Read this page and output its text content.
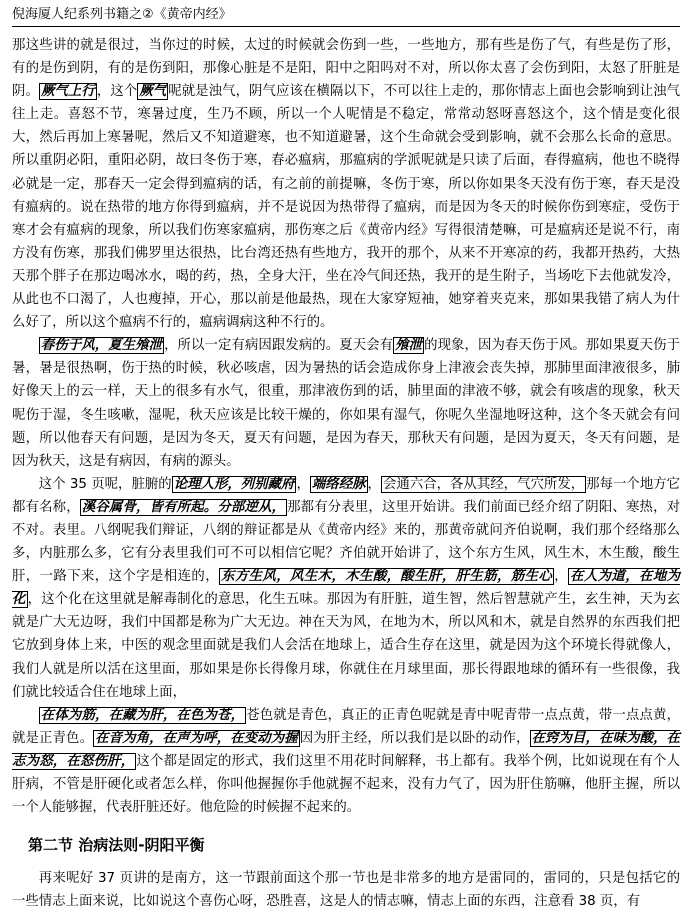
倪海厦人纪系列书籍之②《黄帝内经》

那这些讲的就是很过，当你过的时候，太过的时候就会伤到一些，一些地方，那有些是伤了气，有些是伤了形，有的是伤到阴，有的是伤到阳，那像心脏是不是阳，阳中之阳吗对不对，所以你太喜了会伤到阳，太怒了肝脏是阴。 厥气上行 ，这个 厥气 呢就是浊气，阴气应该在横隔以下，不可以往上走的，那你情志上面也会影响到让浊气往上走。喜怒不节，寒暑过度，生乃不顾，所以一个人呢情是不稳定，常常动怒呀喜怒这个，这个情是变化很大，然后再加上寒暑呢，然后又不知道避寒，也不知道避暑，这个生命就会受到影响，就不会那么长命的意思。所以重阴必阳，重阳必阴，故曰冬伤于寒，春必瘟病，那瘟病的学派呢就是只读了后面，春得瘟病，他也不晓得必就是一定，那春天一定会得到瘟病的话，有之前的前提嘛，冬伤于寒，所以你如果冬天没有伤于寒，春天是没有瘟病的。说在热带的地方你得到瘟病，并不是说因为热带得了瘟病，而是因为冬天的时候你伤到寒症，受伤于寒才会有瘟病的现象，所以我们伤寒家瘟病，那伤寒之后《黄帝内经》写得很清楚嘛，可是瘟病还是说不行，南方没有伤寒，那我们佛罗里达很热，比台湾还热有些地方，我开的那个，从来不开寒凉的药，我都开热药，大热天那个胖子在那边喝冰水，喝的药，热，全身大汗，坐在冷气间还热，我开的是生附子，当场吃下去他就发冷，从此也不口渴了，人也瘦掉，开心，那以前是他最热，现在大家穿短袖，她穿着夹克来，那如果我错了病人为什么好了，所以这个瘟病不行的，瘟病调病这种不行的。

春伤于风，夏生飧泄 ，所以一定有病因跟发病的。夏天会有 飧泄 的现象，因为春天伤于风。那如果夏天伤于暑，暑是很热啊，伤于热的时候，秋必咳虐，因为暑热的话会造成你身上津液会丧失掉，那肺里面津液很多，肺好像天上的云一样，天上的很多有水气，很重，那津液伤到的话，肺里面的津液不够，就会有咳虐的现象，秋天呢伤于湿，冬生咳嗽，湿呢，秋天应该是比较干燥的，你如果有湿气，你呢久坐湿地呀这种，这个冬天就会有问题，所以他春天有问题，是因为冬天，夏天有问题，是因为春天，那秋天有问题，是因为夏天，冬天有问题，是因为秋天，这是有病因，有病的源头。

这个 35 页呢，脏腑的 论理人形，列别藏府 ， 端络经脉 ， 会通六合，各从其经，气穴所发， 那每一个地方它都有名称， 溪谷属骨，皆有所起。分部逆从， 那都有分表里，这里开始讲。我们前面已经介绍了阴阳、寒热，对不对。表里。八纲呢我们辩证，八纲的辩证都是从《黄帝内经》来的，那黄帝就问齐伯说啊，我们那个经络那么多，内脏那么多，它有分表里我们可不可以相信它呢？齐伯就开始讲了，这个东方生风，风生木，木生酸，酸生肝，一路下来，这个字是相连的， 东方生风，风生木，木生酸，酸生肝，肝生筋，筋生心 ， 在人为道，在地为化 ，这个化在这里就是解毒制化的意思，化生五味。那因为有肝脏，道生智，然后智慧就产生，玄生神，天为玄就是广大无边呀，我们中国都是称为广大无边。神在天为风，在地为木，所以风和木，就是自然界的东西我们把它放到身体上来，中医的观念里面就是我们人会活在地球上，适合生存在这里，就是因为这个环境长得就像人，我们人就是所以活在这里面，那如果是你长得像月球，你就住在月球里面，那长得跟地球的循环有一些很像，我们就比较适合住在地球上面，

在体为筋，在藏为肝，在色为苍， 苍色就是青色，真正的正青色呢就是青中呢青带一点点黄，带一点点黄，就是正青色。 在音为角，在声为呼，在变动为握 因为肝主经，所以我们是以卧的动作， 在窍为目，在味为酸，在志为怒，在怒伤肝， 这个都是固定的形式，我们这里不用花时间解释，书上都有。我举个例，比如说现在有个人肝病，不管是肝硬化或者怎么样，你叫他握握你手他就握不起来，没有力气了，因为肝住筋嘛，他肝主握，所以一个人能够握，代表肝脏还好。他危险的时候握不起来的。

第二节 治病法则-阴阳平衡

再来呢好 37 页讲的是南方，这一节跟前面这个那一节也是非常多的地方是雷同的，雷同的，只是包括它的一些情志上面来说，比如说这个喜伤心呀，恐胜喜，这是人的情志嘛，情志上面的东西，注意看 38 页，有
